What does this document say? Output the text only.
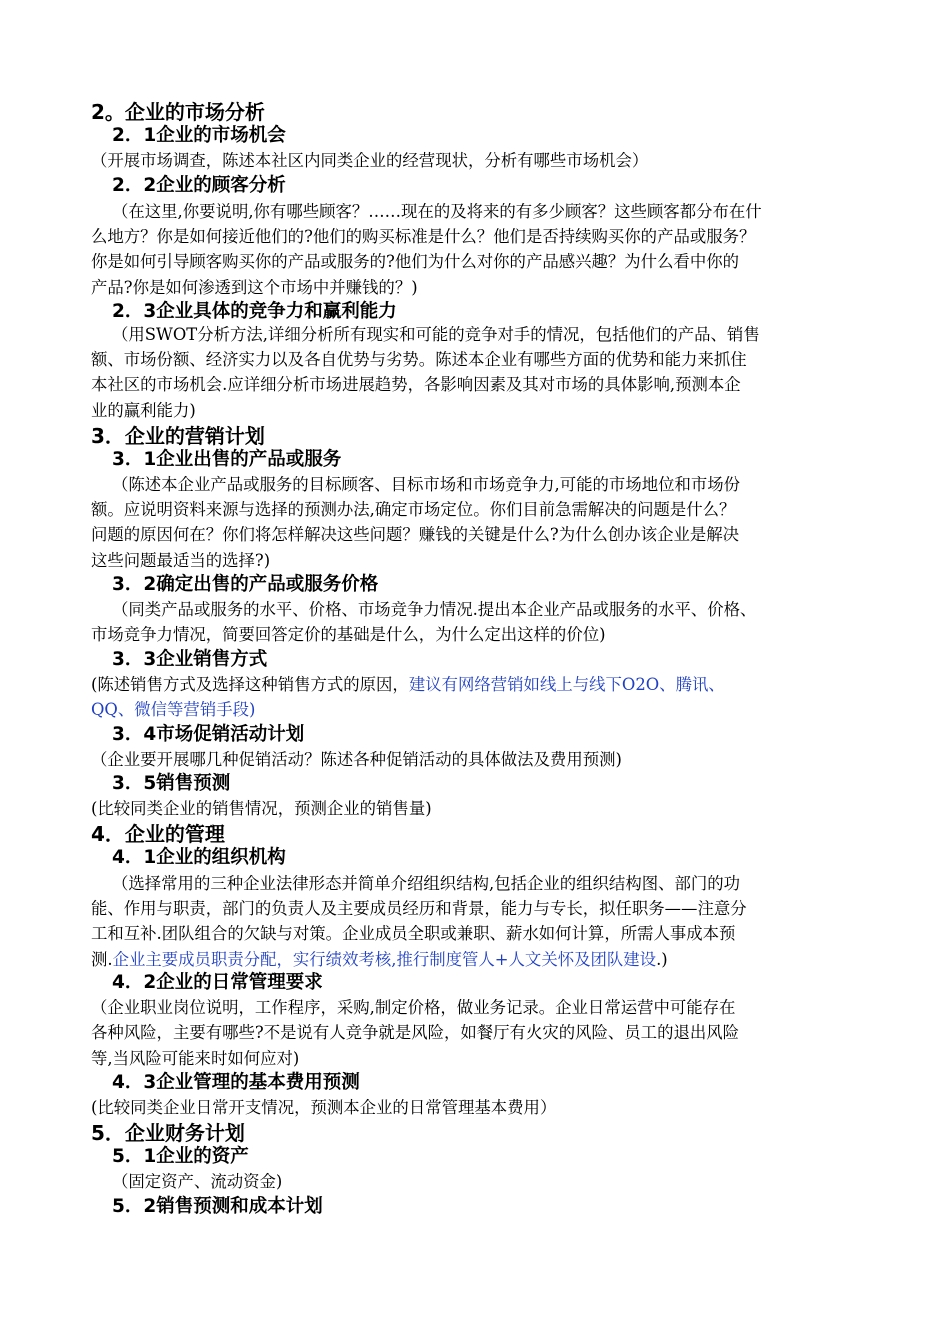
2。企业的市场分析
2．1企业的市场机会
（开展市场调查，陈述本社区内同类企业的经营现状，分析有哪些市场机会）
2．2企业的顾客分析
（在这里,你要说明,你有哪些顾客？……现在的及将来的有多少顾客？这些顾客都分布在什
么地方？你是如何接近他们的?他们的购买标准是什么？他们是否持续购买你的产品或服务？
你是如何引导顾客购买你的产品或服务的?他们为什么对你的产品感兴趣？为什么看中你的
产品?你是如何渗透到这个市场中并赚钱的？)
2．3企业具体的竞争力和赢利能力
（用SWOT分析方法,详细分析所有现实和可能的竞争对手的情况，包括他们的产品、销售
额、市场份额、经济实力以及各自优势与劣势。陈述本企业有哪些方面的优势和能力来抓住
本社区的市场机会.应详细分析市场进展趋势，各影响因素及其对市场的具体影响,预测本企
业的赢利能力)
3．企业的营销计划
3．1企业出售的产品或服务
（陈述本企业产品或服务的目标顾客、目标市场和市场竞争力,可能的市场地位和市场份
额。应说明资料来源与选择的预测办法,确定市场定位。你们目前急需解决的问题是什么？
问题的原因何在？你们将怎样解决这些问题？赚钱的关键是什么?为什么创办该企业是解决
这些问题最适当的选择?)
3．2确定出售的产品或服务价格
（同类产品或服务的水平、价格、市场竞争力情况.提出本企业产品或服务的水平、价格、
市场竞争力情况，简要回答定价的基础是什么，为什么定出这样的价位)
3．3企业销售方式
(陈述销售方式及选择这种销售方式的原因，建议有网络营销如线上与线下O2O、腾讯、
QQ、微信等营销手段)
3．4市场促销活动计划
（企业要开展哪几种促销活动？陈述各种促销活动的具体做法及费用预测)
3．5销售预测
(比较同类企业的销售情况，预测企业的销售量)
4．企业的管理
4．1企业的组织机构
（选择常用的三种企业法律形态并简单介绍组织结构,包括企业的组织结构图、部门的功
能、作用与职责，部门的负责人及主要成员经历和背景，能力与专长，拟任职务——注意分
工和互补.团队组合的欠缺与对策。企业成员全职或兼职、薪水如何计算，所需人事成本预
测.企业主要成员职责分配，实行绩效考核,推行制度管人+人文关怀及团队建设.)
4．2企业的日常管理要求
（企业职业岗位说明，工作程序，采购,制定价格，做业务记录。企业日常运营中可能存在
各种风险，主要有哪些?不是说有人竞争就是风险，如餐厅有火灾的风险、员工的退出风险
等,当风险可能来时如何应对)
4．3企业管理的基本费用预测
(比较同类企业日常开支情况，预测本企业的日常管理基本费用）
5．企业财务计划
5．1企业的资产
（固定资产、流动资金)
5．2销售预测和成本计划
